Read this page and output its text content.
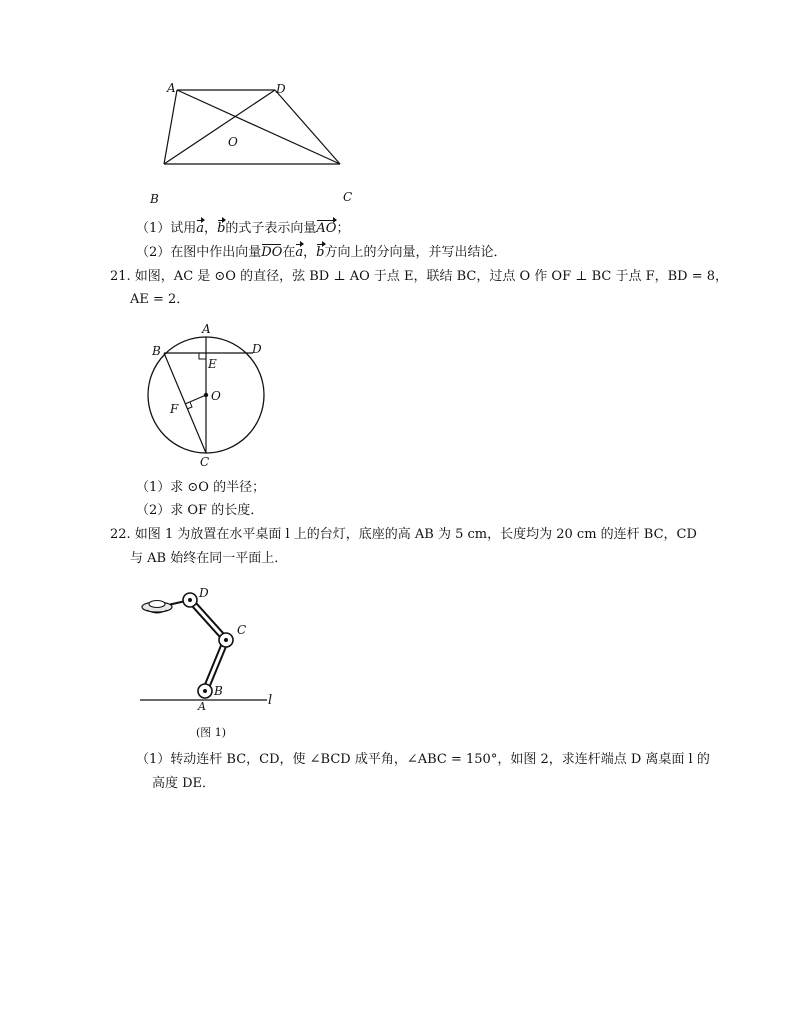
A	D
O
B	C
（1）试用a，b的式子表示向量AO；
（2）在图中作出向量DO在a，b方向上的分向量，并写出结论．
21. 如图，AC 是 ⊙O 的直径，弦 BD ⊥ AO 于点 E，联结 BC，过点 O 作 OF ⊥ BC 于点 F，BD = 8，
AE = 2．
A
B	D
E
O
F
C
（1）求 ⊙O 的半径；
（2）求 OF 的长度．
22. 如图 1 为放置在水平桌面 l 上的台灯，底座的高 AB 为 5 cm，长度均为 20 cm 的连杆 BC，CD
与 AB 始终在同一平面上．
D
C
B
A	l
(图 1)
（1）转动连杆 BC，CD，使 ∠BCD 成平角，∠ABC = 150°，如图 2，求连杆端点 D 离桌面 l 的
高度 DE．
